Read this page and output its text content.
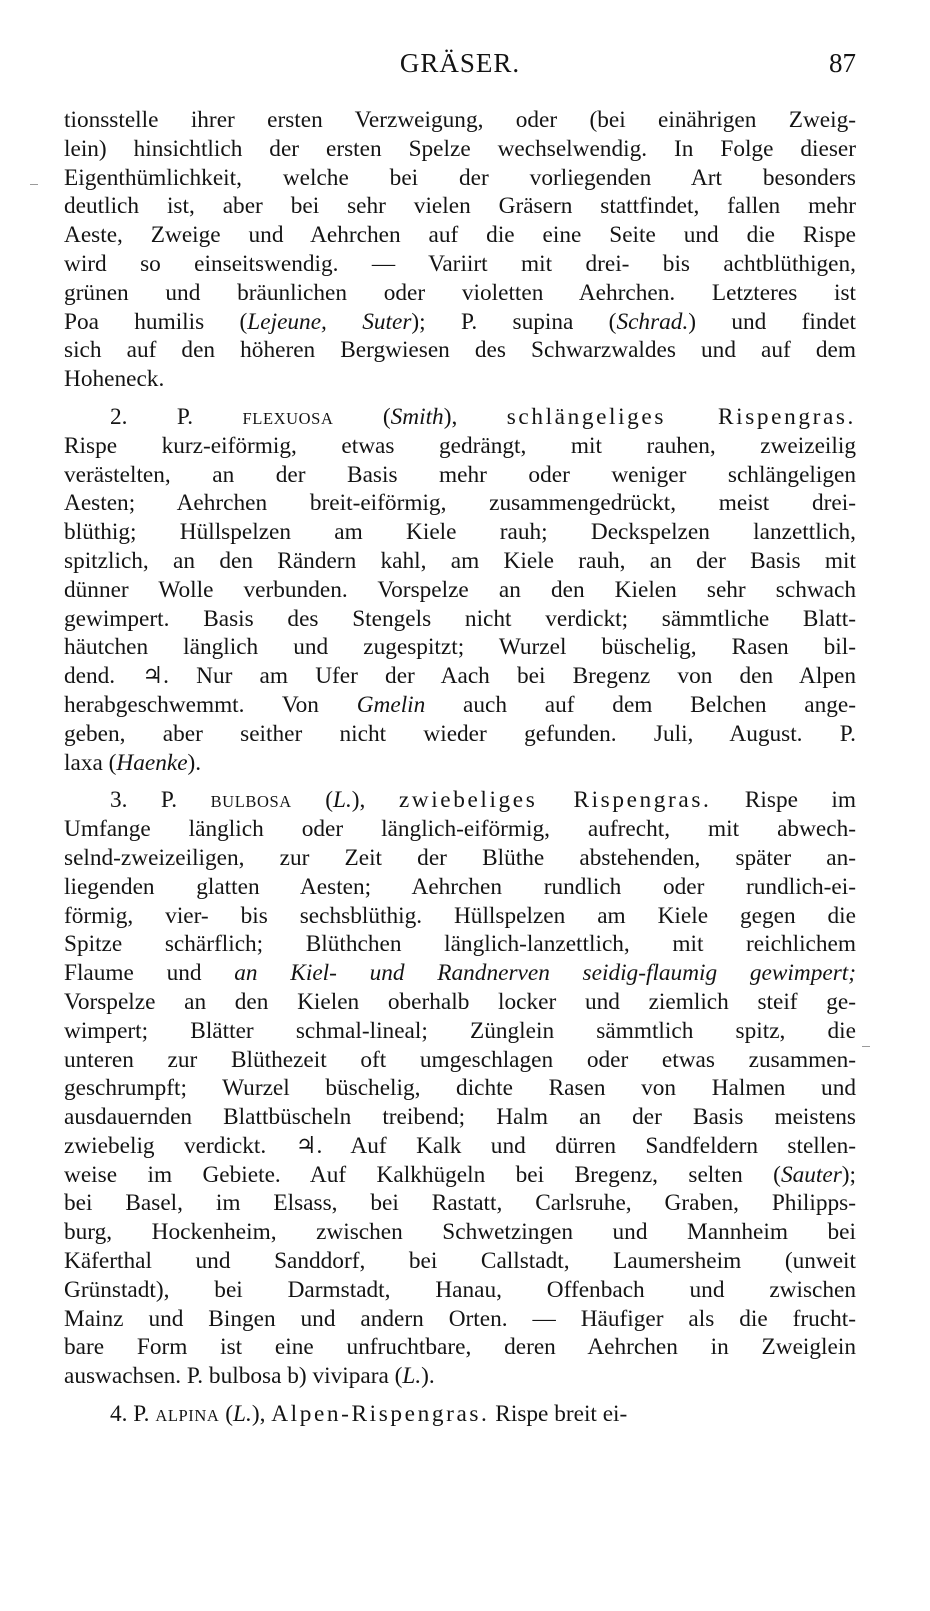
GRÄSER.	87
tionsstelle ihrer ersten Verzweigung, oder (bei einährigen Zweig-
lein) hinsichtlich der ersten Spelze wechselwendig. In Folge dieser
Eigenthümlichkeit, welche bei der vorliegenden Art besonders
deutlich ist, aber bei sehr vielen Gräsern stattfindet, fallen mehr
Aeste, Zweige und Aehrchen auf die eine Seite und die Rispe
wird so einseitswendig. — Variirt mit drei- bis achtblüthigen,
grünen und bräunlichen oder violetten Aehrchen. Letzteres ist
Poa humilis (Lejeune, Suter); P. supina (Schrad.) und findet
sich auf den höheren Bergwiesen des Schwarzwaldes und auf dem
Hoheneck.
2. P. FLEXUOSA (Smith), schlängeliges Rispengras.
Rispe kurz-eiförmig, etwas gedrängt, mit rauhen, zweizeilig
verästelten, an der Basis mehr oder weniger schlängeligen
Aesten; Aehrchen breit-eiförmig, zusammengedrückt, meist drei-
blüthig; Hüllspelzen am Kiele rauh; Deckspelzen lanzettlich,
spitzlich, an den Rändern kahl, am Kiele rauh, an der Basis mit
dünner Wolle verbunden. Vorspelze an den Kielen sehr schwach
gewimpert. Basis des Stengels nicht verdickt; sämmtliche Blatt-
häutchen länglich und zugespitzt; Wurzel büschelig, Rasen bil-
dend. ♃. Nur am Ufer der Aach bei Bregenz von den Alpen
herabgeschwemmt. Von Gmelin auch auf dem Belchen ange-
geben, aber seither nicht wieder gefunden. Juli, August. P.
laxa (Haenke).
3. P. BULBOSA (L.), zwiebeliges Rispengras. Rispe im
Umfange länglich oder länglich-eiförmig, aufrecht, mit abwech-
selnd-zweizeiligen, zur Zeit der Blüthe abstehenden, später an-
liegenden glatten Aesten; Aehrchen rundlich oder rundlich-ei-
förmig, vier- bis sechsblüthig. Hüllspelzen am Kiele gegen die
Spitze schärflich; Blüthchen länglich-lanzettlich, mit reichlichem
Flaume und an Kiel- und Randnerven seidig-flaumig gewimpert;
Vorspelze an den Kielen oberhalb locker und ziemlich steif ge-
wimpert; Blätter schmal-lineal; Zünglein sämmtlich spitz, die
unteren zur Blüthezeit oft umgeschlagen oder etwas zusammen-
geschrumpft; Wurzel büschelig, dichte Rasen von Halmen und
ausdauernden Blattbüscheln treibend; Halm an der Basis meistens
zwiebelig verdickt. ♃. Auf Kalk und dürren Sandfeldern stellen-
weise im Gebiete. Auf Kalkhügeln bei Bregenz, selten (Sauter);
bei Basel, im Elsass, bei Rastatt, Carlsruhe, Graben, Philipps-
burg, Hockenheim, zwischen Schwetzingen und Mannheim bei
Käferthal und Sanddorf, bei Callstadt, Laumersheim (unweit
Grünstadt), bei Darmstadt, Hanau, Offenbach und zwischen
Mainz und Bingen und andern Orten. — Häufiger als die frucht-
bare Form ist eine unfruchtbare, deren Aehrchen in Zweiglein
auswachsen. P. bulbosa b) vivipara (L.).
4. P. ALPINA (L.), Alpen-Rispengras. Rispe breit ei-
